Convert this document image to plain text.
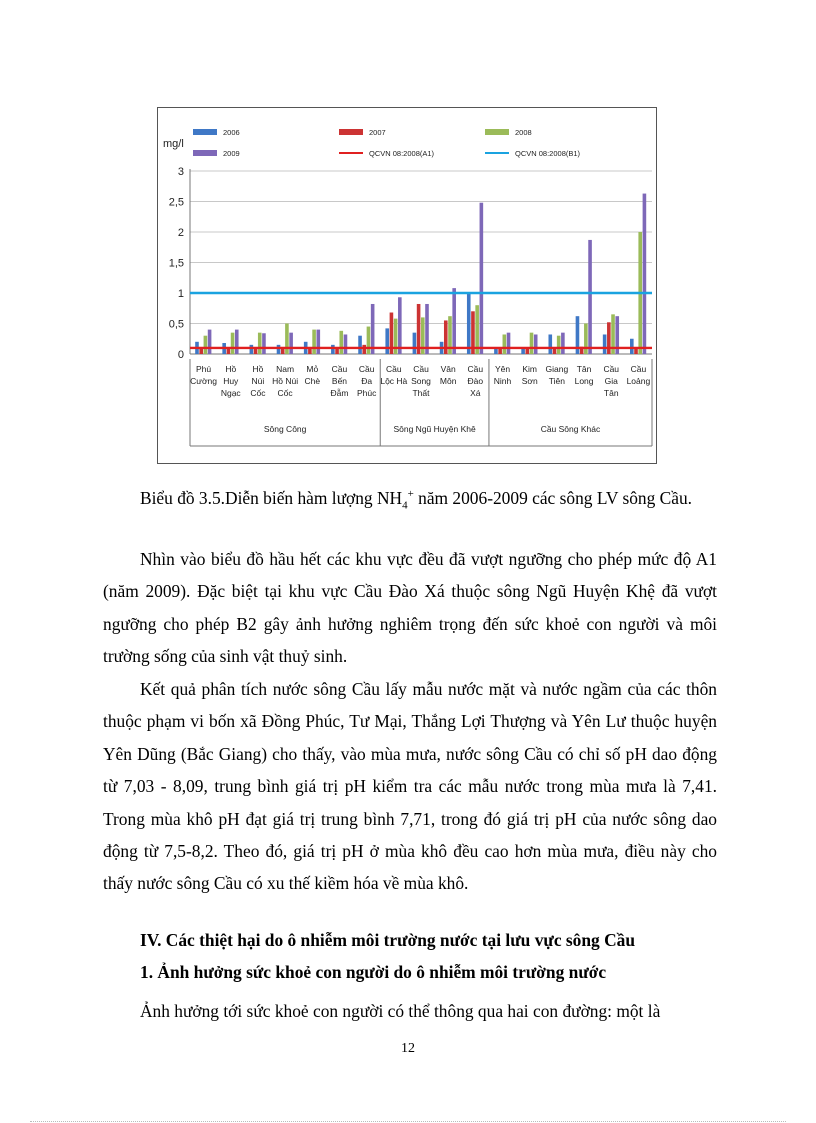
mg/l
0
0,5
1
1,5
2
2,5
3
2006	2007	2008
2009	QCVN 08:2008(A1)	QCVN 08:2008(B1)
Phú
Cường
Hồ
Huy
Ngạc
Hồ
Núi
Cốc
Nam
Hồ Núi
Cốc
Mỏ
Chè
Cầu
Bến
Đẫm
Cầu
Đa
Phúc
Cầu
Lộc Hà
Cầu
Song
Thất
Vân
Môn
Cầu
Đào
Xá
Yên
Ninh
Kim
Sơn
Giang
Tiên
Tân
Long
Cầu
Gia
Tân
Cầu
Loảng
Sông Công	Sông Ngũ Huyện Khê	Cầu Sông Khác

Biểu đồ 3.5.Diễn biến hàm lượng $NH_4^+$ năm 2006-2009 các sông LV sông Cầu.

Nhìn vào biểu đồ hầu hết các khu vực đều đã vượt ngưỡng cho phép mức độ A1 (năm 2009). Đặc biệt tại khu vực Cầu Đào Xá thuộc sông Ngũ Huyện Khệ đã vượt ngưỡng cho phép B2 gây ảnh hưởng nghiêm trọng đến sức khoẻ con người và môi trường sống của sinh vật thuỷ sinh.

Kết quả phân tích nước sông Cầu lấy mẫu nước mặt và nước ngầm của các thôn thuộc phạm vi bốn xã Đồng Phúc, Tư Mại, Thắng Lợi Thượng và Yên Lư thuộc huyện Yên Dũng (Bắc Giang) cho thấy, vào mùa mưa, nước sông Cầu có chỉ số pH dao động từ 7,03 - 8,09, trung bình giá trị pH kiểm tra các mẫu nước trong mùa mưa là 7,41. Trong mùa khô pH đạt giá trị trung bình 7,71, trong đó giá trị pH của nước sông dao động từ 7,5-8,2. Theo đó, giá trị pH ở mùa khô đều cao hơn mùa mưa, điều này cho thấy nước sông Cầu có xu thế kiềm hóa về mùa khô.

IV. Các thiệt hại do ô nhiễm môi trường nước tại lưu vực sông Cầu

1. Ảnh hưởng sức khoẻ con người do ô nhiễm môi trường nước

Ảnh hưởng tới sức khoẻ con người có thể thông qua hai con đường: một là

12
